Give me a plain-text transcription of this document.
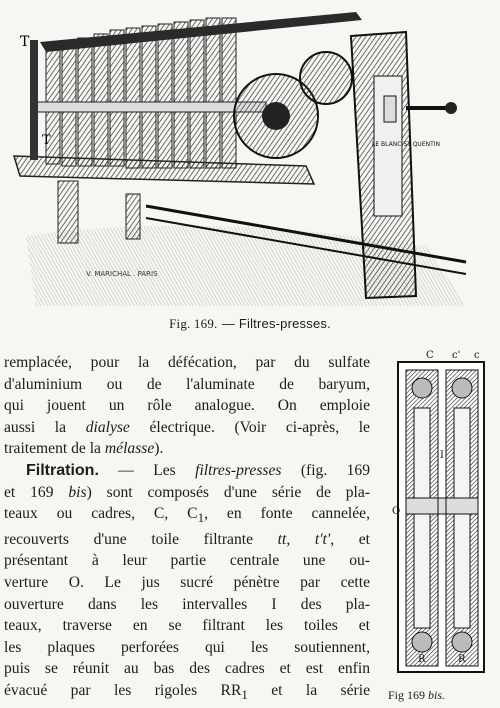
T
T
V. MARICHAL . PARIS
LE BLANC ST QUENTIN
Fig. 169. — Filtres-presses.

remplacée, pour la défécation, par du sulfate
d'aluminium ou de l'aluminate de baryum,
qui jouent un rôle analogue. On emploie
aussi la dialyse électrique. (Voir ci-après, le
traitement de la mélasse).

Filtration. — Les filtres-presses (fig. 169
et 169 bis) sont composés d'une série de pla-
teaux ou cadres, C, $C_1$, en fonte cannelée,
recouverts d'une toile filtrante tt, t't', et
présentant à leur partie centrale une ou-
verture O. Le jus sucré pénètre par cette
ouverture dans les intervalles I des pla-
teaux, traverse en se filtrant les toiles et
les plaques perforées qui les soutiennent,
puis se réunit au bas des cadres et est enfin
évacué par les rigoles $RR_1$ et la série

C c' c
I
O
R	R
Fig 169 bis.
